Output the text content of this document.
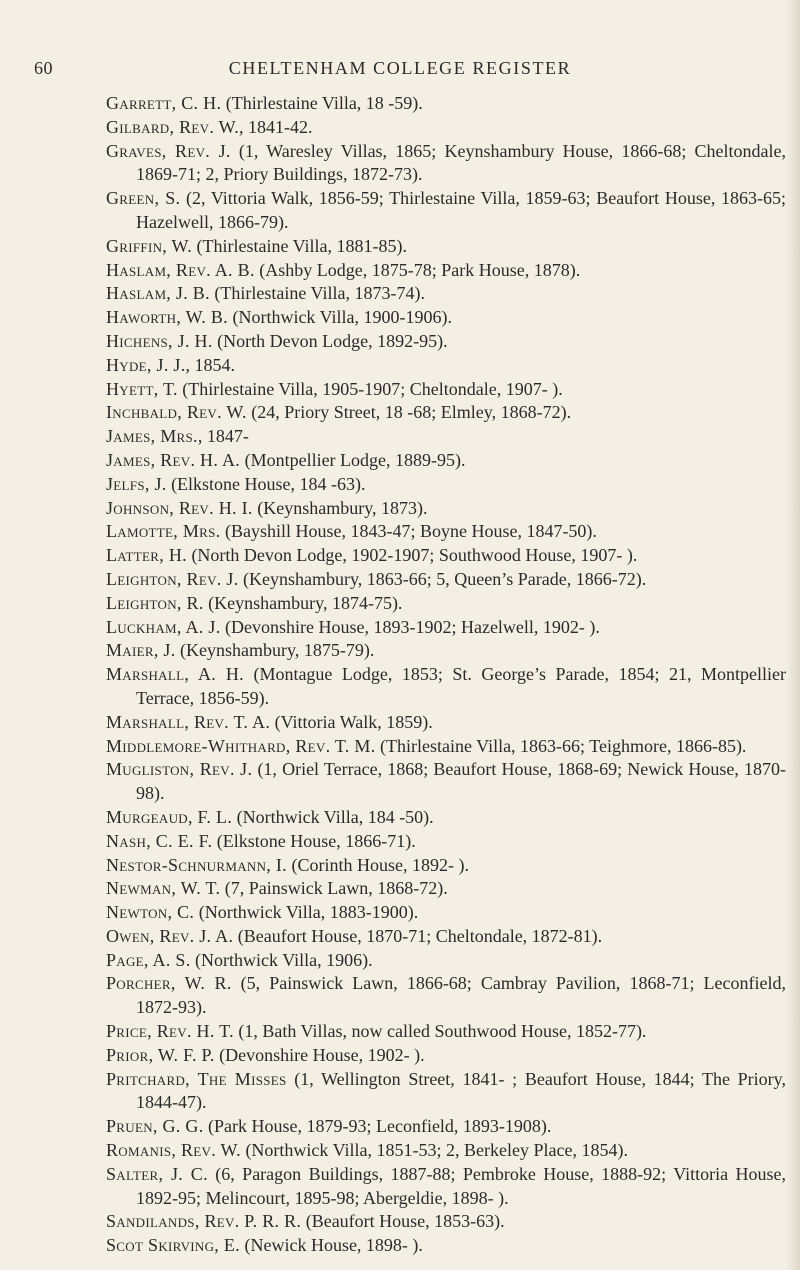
60	CHELTENHAM COLLEGE REGISTER
Garrett, C. H. (Thirlestaine Villa, 18 -59).
Gilbard, Rev. W., 1841-42.
Graves, Rev. J. (1, Waresley Villas, 1865; Keynshambury House, 1866-68; Cheltondale, 1869-71; 2, Priory Buildings, 1872-73).
Green, S. (2, Vittoria Walk, 1856-59; Thirlestaine Villa, 1859-63; Beaufort House, 1863-65; Hazelwell, 1866-79).
Griffin, W. (Thirlestaine Villa, 1881-85).
Haslam, Rev. A. B. (Ashby Lodge, 1875-78; Park House, 1878).
Haslam, J. B. (Thirlestaine Villa, 1873-74).
Haworth, W. B. (Northwick Villa, 1900-1906).
Hichens, J. H. (North Devon Lodge, 1892-95).
Hyde, J. J., 1854.
Hyett, T. (Thirlestaine Villa, 1905-1907; Cheltondale, 1907- ).
Inchbald, Rev. W. (24, Priory Street, 18 -68; Elmley, 1868-72).
James, Mrs., 1847-
James, Rev. H. A. (Montpellier Lodge, 1889-95).
Jelfs, J. (Elkstone House, 184 -63).
Johnson, Rev. H. I. (Keynshambury, 1873).
Lamotte, Mrs. (Bayshill House, 1843-47; Boyne House, 1847-50).
Latter, H. (North Devon Lodge, 1902-1907; Southwood House, 1907- ).
Leighton, Rev. J. (Keynshambury, 1863-66; 5, Queen’s Parade, 1866-72).
Leighton, R. (Keynshambury, 1874-75).
Luckham, A. J. (Devonshire House, 1893-1902; Hazelwell, 1902- ).
Maier, J. (Keynshambury, 1875-79).
Marshall, A. H. (Montague Lodge, 1853; St. George’s Parade, 1854; 21, Montpellier Terrace, 1856-59).
Marshall, Rev. T. A. (Vittoria Walk, 1859).
Middlemore-Whithard, Rev. T. M. (Thirlestaine Villa, 1863-66; Teighmore, 1866-85).
Mugliston, Rev. J. (1, Oriel Terrace, 1868; Beaufort House, 1868-69; Newick House, 1870-98).
Murgeaud, F. L. (Northwick Villa, 184 -50).
Nash, C. E. F. (Elkstone House, 1866-71).
Nestor-Schnurmann, I. (Corinth House, 1892- ).
Newman, W. T. (7, Painswick Lawn, 1868-72).
Newton, C. (Northwick Villa, 1883-1900).
Owen, Rev. J. A. (Beaufort House, 1870-71; Cheltondale, 1872-81).
Page, A. S. (Northwick Villa, 1906).
Porcher, W. R. (5, Painswick Lawn, 1866-68; Cambray Pavilion, 1868-71; Leconfield, 1872-93).
Price, Rev. H. T. (1, Bath Villas, now called Southwood House, 1852-77).
Prior, W. F. P. (Devonshire House, 1902- ).
Pritchard, The Misses (1, Wellington Street, 1841- ; Beaufort House, 1844; The Priory, 1844-47).
Pruen, G. G. (Park House, 1879-93; Leconfield, 1893-1908).
Romanis, Rev. W. (Northwick Villa, 1851-53; 2, Berkeley Place, 1854).
Salter, J. C. (6, Paragon Buildings, 1887-88; Pembroke House, 1888-92; Vittoria House, 1892-95; Melincourt, 1895-98; Abergeldie, 1898- ).
Sandilands, Rev. P. R. R. (Beaufort House, 1853-63).
Scot Skirving, E. (Newick House, 1898- ).
